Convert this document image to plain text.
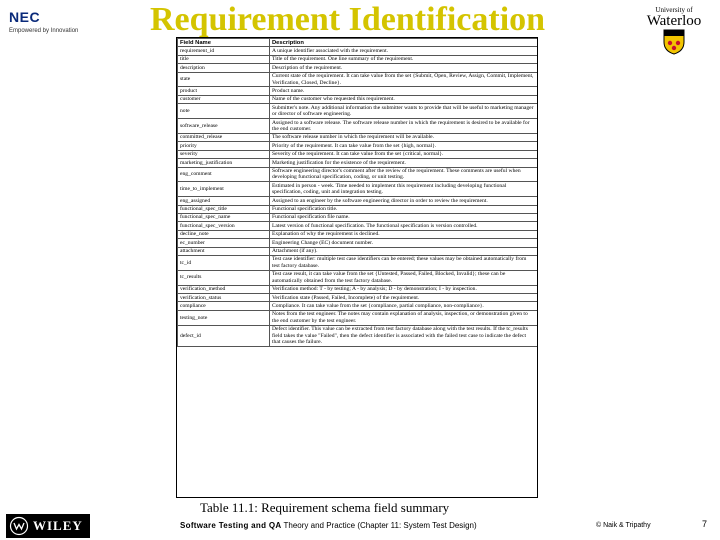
NEC
Empowered by Innovation	Requirement Identification	University of
Waterloo
Field Name	Description
requirement_id	A unique identifier associated with the requirement.
title	Title of the requirement. One line summary of the requirement.
description	Description of the requirement.
state	Current state of the requirement. It can take value from the set {Submit, Open, Review, Assign, Commit, Implement, Verification, Closed, Decline}.
product	Product name.
customer	Name of the customer who requested this requirement.
note	Submitter's note. Any additional information the submitter wants to provide that will be useful to marketing manager or director of software engineering.
software_release	Assigned to a software release. The software release number in which the requirement is desired to be available for the end customer.
committed_release	The software release number in which the requirement will be available.
priority	Priority of the requirement. It can take value from the set {high, normal}.
severity	Severity of the requirement. It can take value from the set {critical, normal}.
marketing_justification	Marketing justification for the existence of the requirement.
eng_comment	Software engineering director's comment after the review of the requirement. These comments are useful when developing functional specification, coding, or unit testing.
time_to_implement	Estimated in person - week. Time needed to implement this requirement including developing functional specification, coding, unit and integration testing.
eng_assigned	Assigned to an engineer by the software engineering director in order to review the requirement.
functional_spec_title	Functional specification title.
functional_spec_name	Functional specification file name.
functional_spec_version	Latest version of functional specification. The functional specification is version controlled.
decline_note	Explanation of why the requirement is declined.
ec_number	Engineering Change (EC) document number.
attachment	Attachment (if any).
tc_id	Test case identifier: multiple test case identifiers can be entered; these values may be obtained automatically from test factory database.
tc_results	Test case result, it can take value from the set {Untested, Passed, Failed, Blocked, Invalid}; these can be automatically obtained from the test factory database.
verification_method	Verification method: T - by testing; A - by analysis; D - by demonstration; I - by inspection.
verification_status	Verification state (Passed, Failed, Incomplete) of the requirement.
compliance	Compliance. It can take value from the set {compliance, partial compliance, non-compliance}.
testing_note	Notes from the test engineer. The notes may contain explanation of analysis, inspection, or demonstration given to the end customer by the test engineer.
defect_id	Defect identifier. This value can be extracted from test factory database along with the test results. If the tc_results field takes the value "Failed", then the defect identifier is associated with the failed test case to indicate the defect that causes the failure.
Table 11.1: Requirement schema field summary
WILEY	Software Testing and QA Theory and Practice (Chapter 11: System Test Design)	© Naik & Tripathy	7
